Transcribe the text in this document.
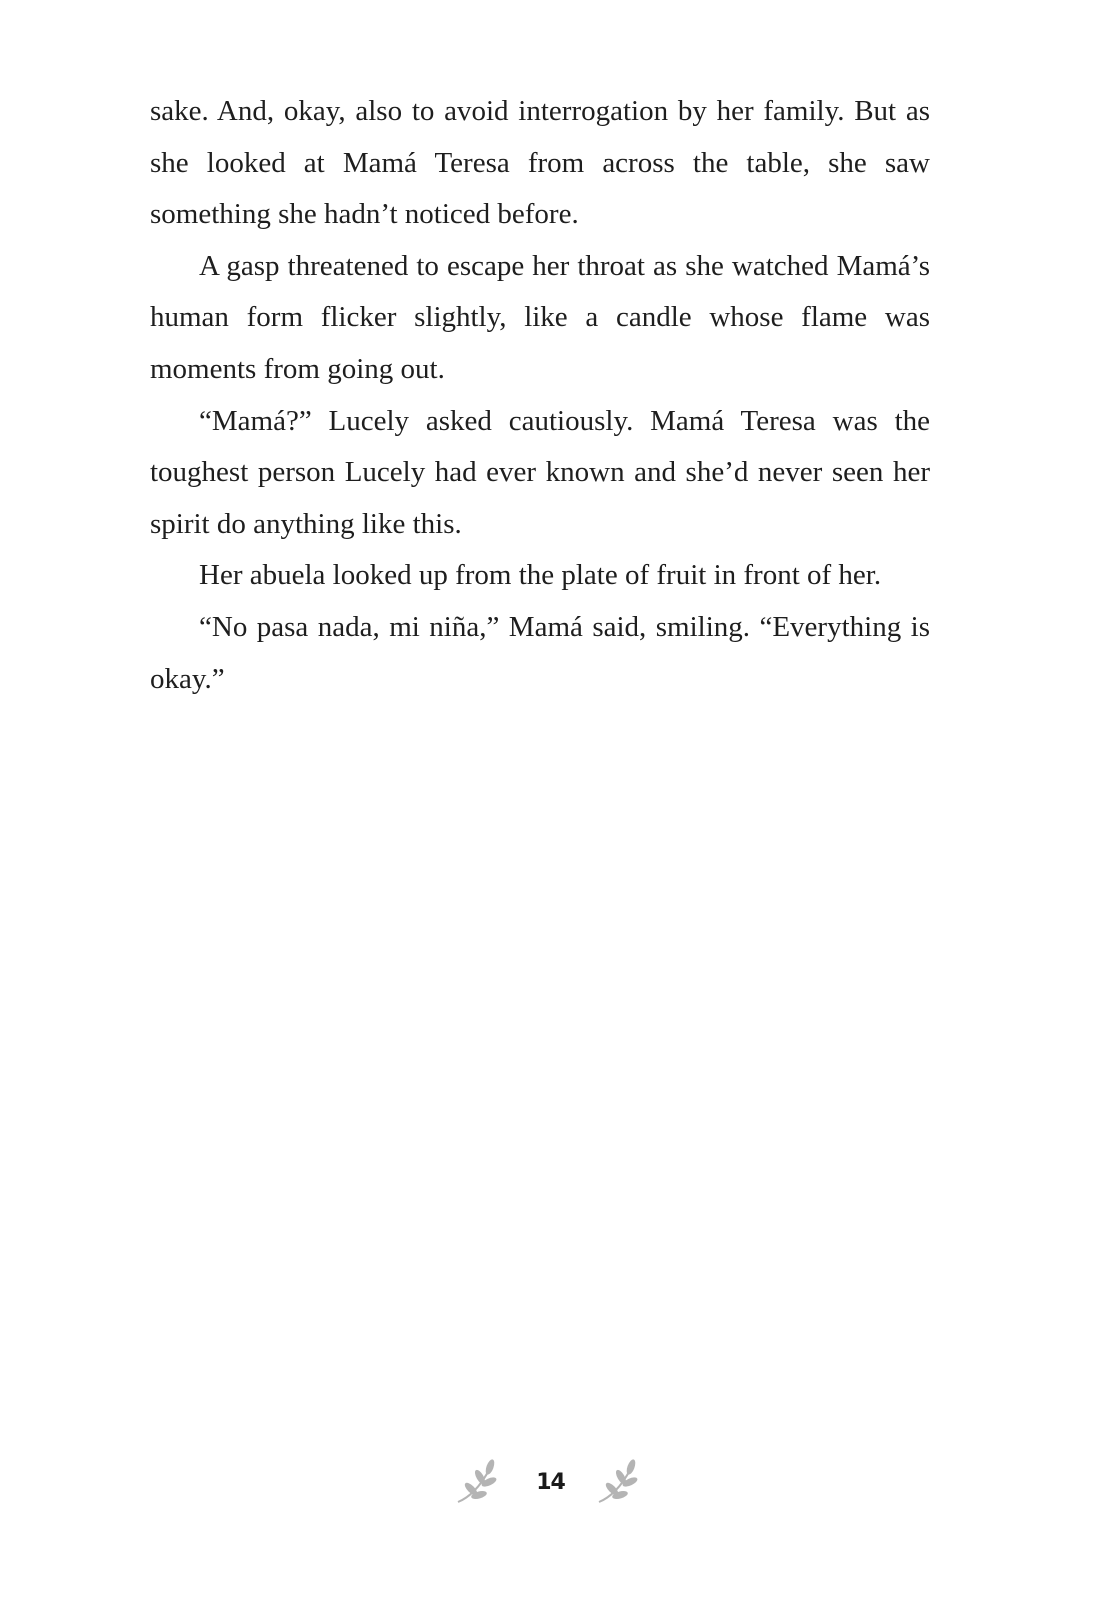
sake. And, okay, also to avoid interrogation by her family. But as she looked at Mamá Teresa from across the table, she saw something she hadn’t noticed before.

A gasp threatened to escape her throat as she watched Mamá’s human form flicker slightly, like a candle whose flame was moments from going out.

“Mamá?” Lucely asked cautiously. Mamá Teresa was the toughest person Lucely had ever known and she’d never seen her spirit do anything like this.

Her abuela looked up from the plate of fruit in front of her.

“No pasa nada, mi niña,” Mamá said, smiling. “Everything is okay.”

14
